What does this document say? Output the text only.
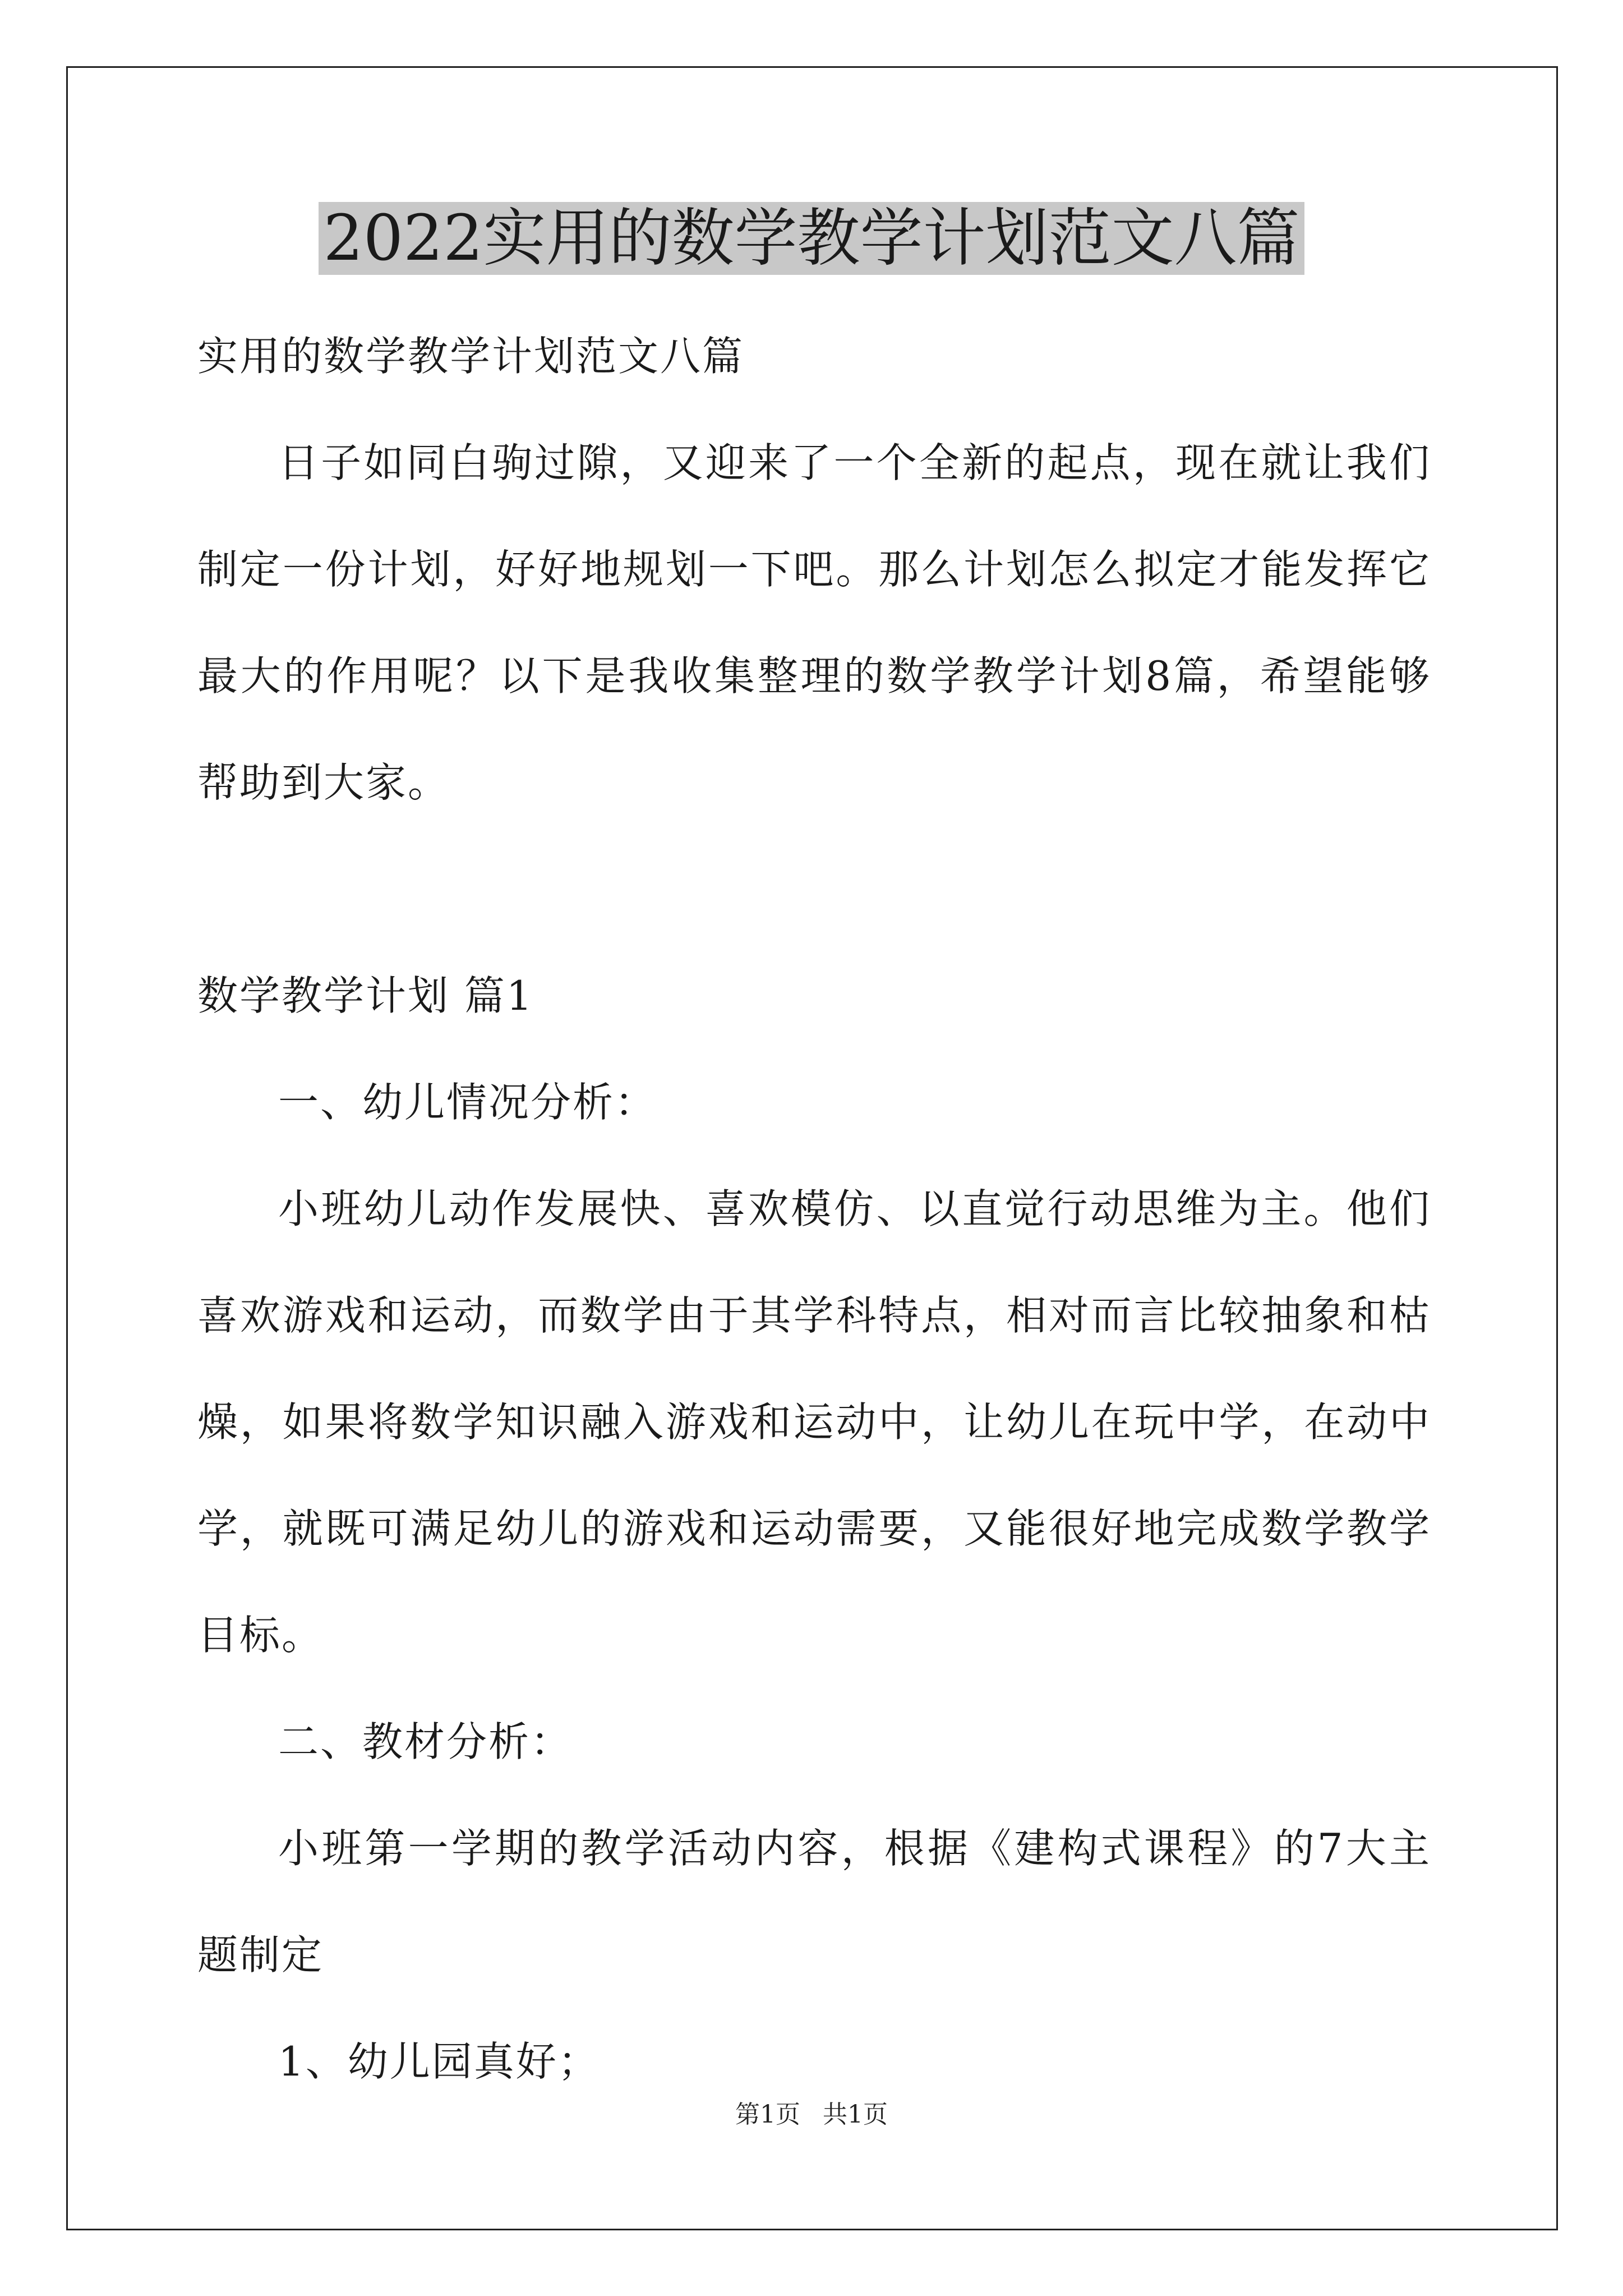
2022实用的数学教学计划范文八篇

实用的数学教学计划范文八篇

日子如同白驹过隙，又迎来了一个全新的起点，现在就让我们制定一份计划，好好地规划一下吧。那么计划怎么拟定才能发挥它最大的作用呢？以下是我收集整理的数学教学计划8篇，希望能够帮助到大家。

数学教学计划 篇1

一、幼儿情况分析：

小班幼儿动作发展快、喜欢模仿、以直觉行动思维为主。他们喜欢游戏和运动，而数学由于其学科特点，相对而言比较抽象和枯燥，如果将数学知识融入游戏和运动中，让幼儿在玩中学，在动中学，就既可满足幼儿的游戏和运动需要，又能很好地完成数学教学目标。

二、教材分析：

小班第一学期的教学活动内容，根据《建构式课程》的7大主题制定

1、幼儿园真好；

第1页 共1页
